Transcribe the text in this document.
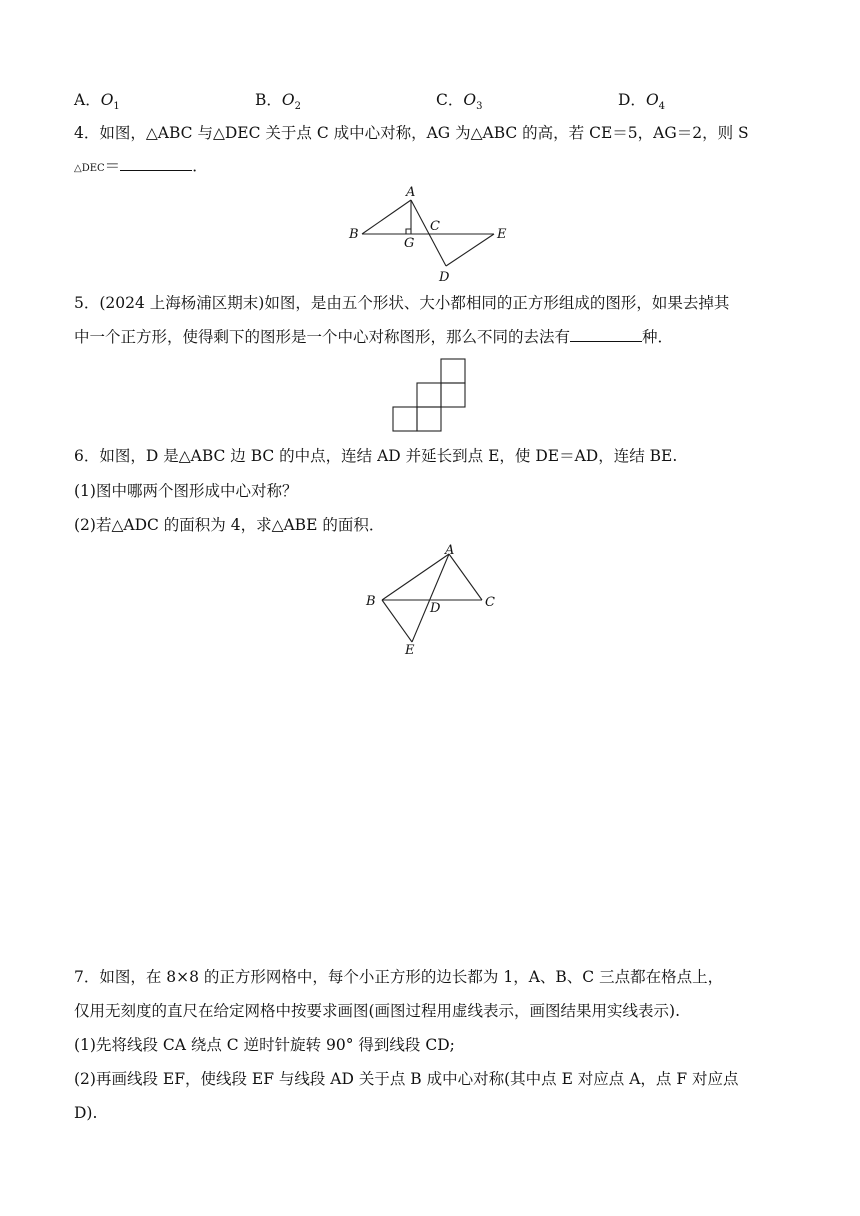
A．$O_1$	B．$O_2$	C．$O_3$	D．$O_4$
4．如图，△ABC 与△DEC 关于点 C 成中心对称，AG 为△ABC 的高，若 CE＝5，AG＝2，则 S
△DEC＝	．
A
B
C
D
E
G
5．(2024 上海杨浦区期末)如图，是由五个形状、大小都相同的正方形组成的图形，如果去掉其
中一个正方形，使得剩下的图形是一个中心对称图形，那么不同的去法有	种．
6．如图，D 是△ABC 边 BC 的中点，连结 AD 并延长到点 E，使 DE＝AD，连结 BE.
(1)图中哪两个图形成中心对称？
(2)若△ADC 的面积为 4，求△ABE 的面积．
A
B	C
D
E
7．如图，在 8×8 的正方形网格中，每个小正方形的边长都为 1，A、B、C 三点都在格点上，
仅用无刻度的直尺在给定网格中按要求画图(画图过程用虚线表示，画图结果用实线表示).
(1)先将线段 CA 绕点 C 逆时针旋转 90° 得到线段 CD;
(2)再画线段 EF，使线段 EF 与线段 AD 关于点 B 成中心对称(其中点 E 对应点 A，点 F 对应点
D).
